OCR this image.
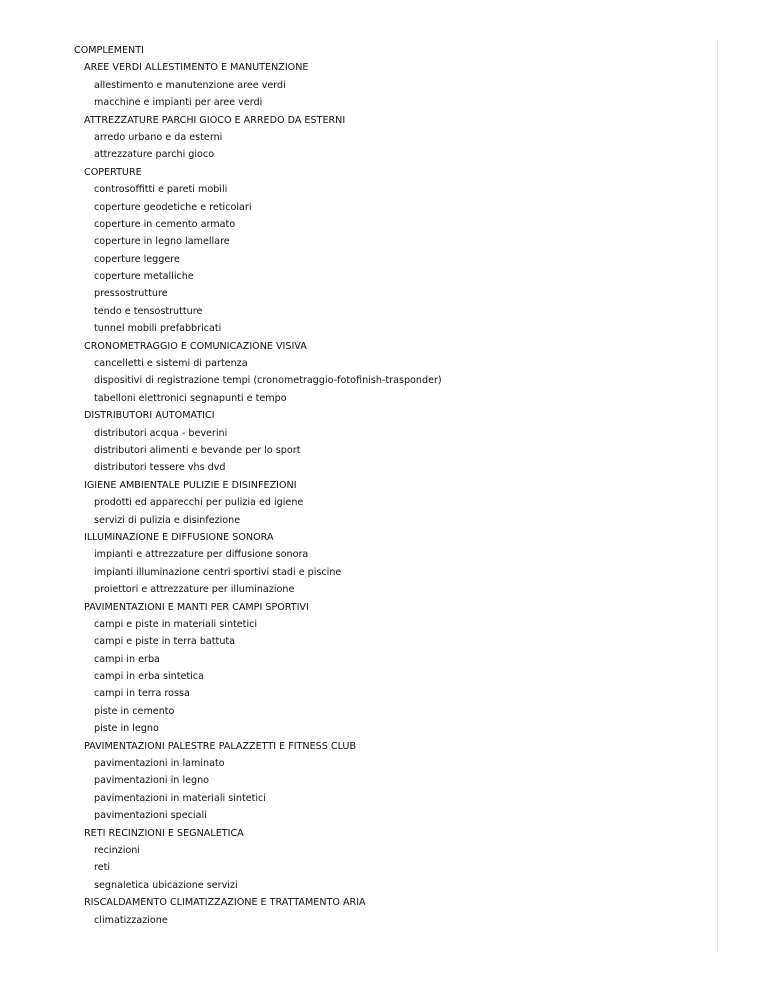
COMPLEMENTI
AREE VERDI ALLESTIMENTO E MANUTENZIONE
allestimento e manutenzione aree verdi
macchine e impianti per aree verdi
ATTREZZATURE PARCHI GIOCO E ARREDO DA ESTERNI
arredo urbano e da esterni
attrezzature parchi gioco
COPERTURE
controsoffitti e pareti mobili
coperture geodetiche e reticolari
coperture in cemento armato
coperture in legno lamellare
coperture leggere
coperture metalliche
pressostrutture
tendo e tensostrutture
tunnel mobili prefabbricati
CRONOMETRAGGIO E COMUNICAZIONE VISIVA
cancelletti e sistemi di partenza
dispositivi di registrazione tempi (cronometraggio-fotofinish-trasponder)
tabelloni elettronici segnapunti e tempo
DISTRIBUTORI AUTOMATICI
distributori acqua - beverini
distributori alimenti e bevande per lo sport
distributori tessere vhs dvd
IGIENE AMBIENTALE PULIZIE E DISINFEZIONI
prodotti ed apparecchi per pulizia ed igiene
servizi di pulizia e disinfezione
ILLUMINAZIONE E DIFFUSIONE SONORA
impianti e attrezzature per diffusione sonora
impianti illuminazione centri sportivi stadi e piscine
proiettori e attrezzature per illuminazione
PAVIMENTAZIONI E MANTI PER CAMPI SPORTIVI
campi e piste in materiali sintetici
campi e piste in terra battuta
campi in erba
campi in erba sintetica
campi in terra rossa
piste in cemento
piste in legno
PAVIMENTAZIONI PALESTRE PALAZZETTI E FITNESS CLUB
pavimentazioni in laminato
pavimentazioni in legno
pavimentazioni in materiali sintetici
pavimentazioni speciali
RETI RECINZIONI E SEGNALETICA
recinzioni
reti
segnaletica ubicazione servizi
RISCALDAMENTO CLIMATIZZAZIONE E TRATTAMENTO ARIA
climatizzazione
